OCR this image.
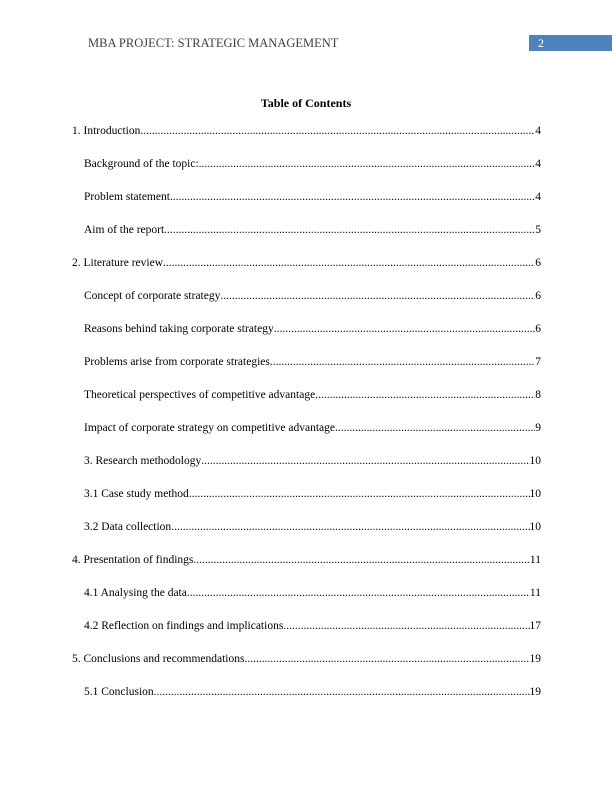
MBA PROJECT: STRATEGIC MANAGEMENT	2
Table of Contents
1. Introduction .....	4
Background of the topic: .....	4
Problem statement .....	4
Aim of the report .....	5
2. Literature review .....	6
Concept of corporate strategy .....	6
Reasons behind taking corporate strategy .....	6
Problems arise from corporate strategies .....	7
Theoretical perspectives of competitive advantage .....	8
Impact of corporate strategy on competitive advantage .....	9
3. Research methodology .....	10
3.1 Case study method .....	10
3.2 Data collection .....	10
4. Presentation of findings .....	11
4.1 Analysing the data .....	11
4.2 Reflection on findings and implications .....	17
5. Conclusions and recommendations .....	19
5.1 Conclusion .....	19
